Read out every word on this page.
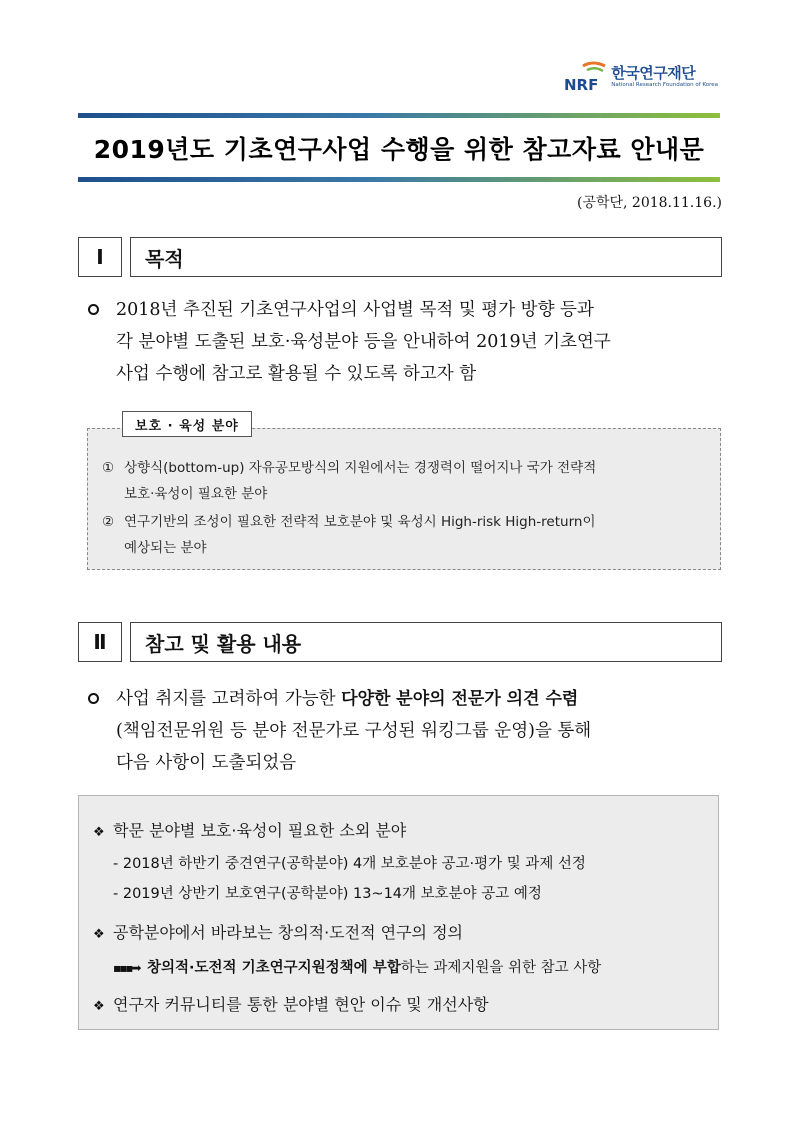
NRF
한국연구재단
National Research Foundation of Korea
2019년도 기초연구사업 수행을 위한 참고자료 안내문
(공학단, 2018.11.16.)
Ⅰ	목적
2018년 추진된 기초연구사업의 사업별 목적 및 평가 방향 등과
각 분야별 도출된 보호·육성분야 등을 안내하여 2019년 기초연구
사업 수행에 참고로 활용될 수 있도록 하고자 함
① 상향식(bottom-up) 자유공모방식의 지원에서는 경쟁력이 떨어지나 국가 전략적
보호·육성이 필요한 분야
② 연구기반의 조성이 필요한 전략적 보호분야 및 육성시 High-risk High-return이
예상되는 분야
보호 · 육성 분야
Ⅱ	참고 및 활용 내용
사업 취지를 고려하여 가능한 다양한 분야의 전문가 의견 수렴
(책임전문위원 등 분야 전문가로 구성된 워킹그룹 운영)을 통해
다음 사항이 도출되었음
❖ 학문 분야별 보호·육성이 필요한 소외 분야
- 2018년 하반기 중견연구(공학분야) 4개 보호분야 공고·평가 및 과제 선정
- 2019년 상반기 보호연구(공학분야) 13~14개 보호분야 공고 예정
❖ 공학분야에서 바라보는 창의적·도전적 연구의 정의
▪▪▪➡ 창의적·도전적 기초연구지원정책에 부합하는 과제지원을 위한 참고 사항
❖ 연구자 커뮤니티를 통한 분야별 현안 이슈 및 개선사항
